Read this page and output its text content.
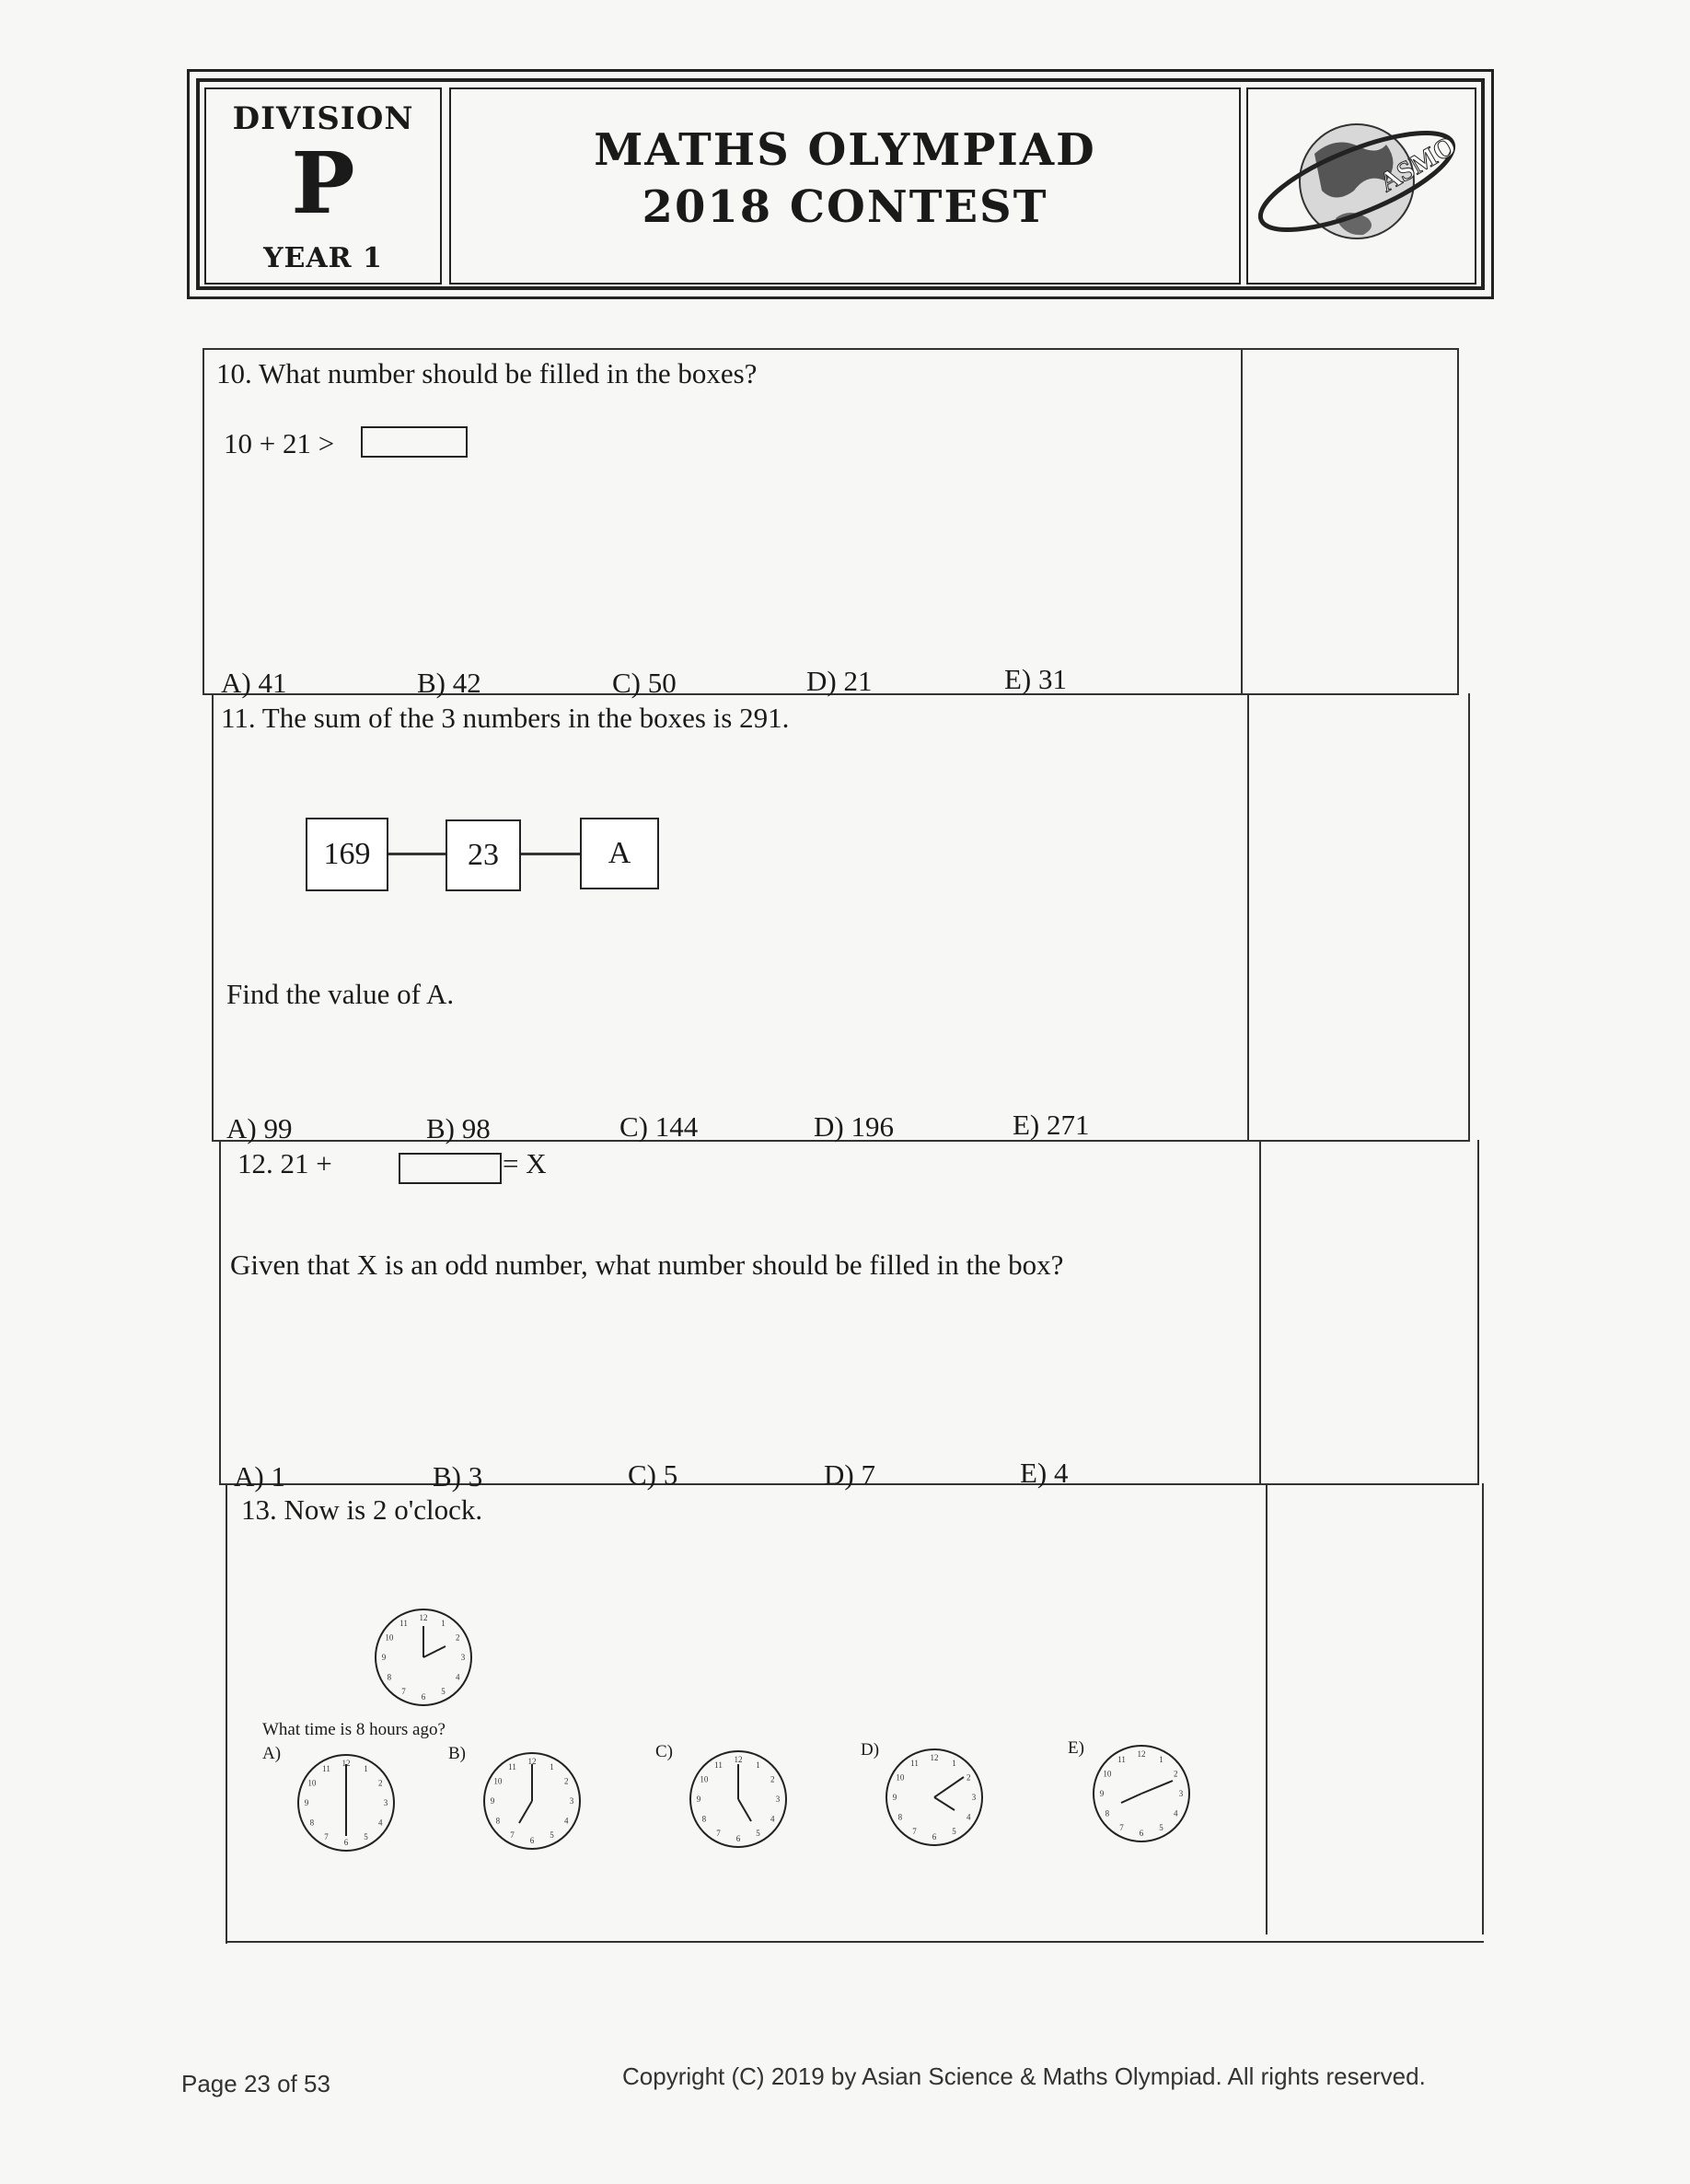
DIVISION
P
YEAR 1
MATHS OLYMPIAD
2018 CONTEST
ASMO
10. What number should be filled in the boxes?
10 + 21 >
A) 41	B) 42	C) 50	D) 21	E) 31
11. The sum of the 3 numbers in the boxes is 291.
169	23	A
Find the value of A.
A) 99	B) 98	C) 144	D) 196	E) 271
12. 21 +	= X
Given that X is an odd number, what number should be filled in the box?
A) 1	B) 3	C) 5	D) 7	E) 4
13. Now is 2 o'clock.
1
2
3
4
5
6
7
8
9
10
11
12
What time is 8 hours ago?
A)	B)	C)	D)	E)
1
2
3
4
5
6
7
8
9
10
11
12	1
2
3
4
5
6
7
8
9
10
11
12	1
2
3
4
5
6
7
8
9
10
11
12	1
2
3
4
5
6
7
8
9
10
11
12	1
2
3
4
5
6
7
8
9
10
11
12
Page 23 of 53	Copyright (C) 2019 by Asian Science & Maths Olympiad. All rights reserved.
